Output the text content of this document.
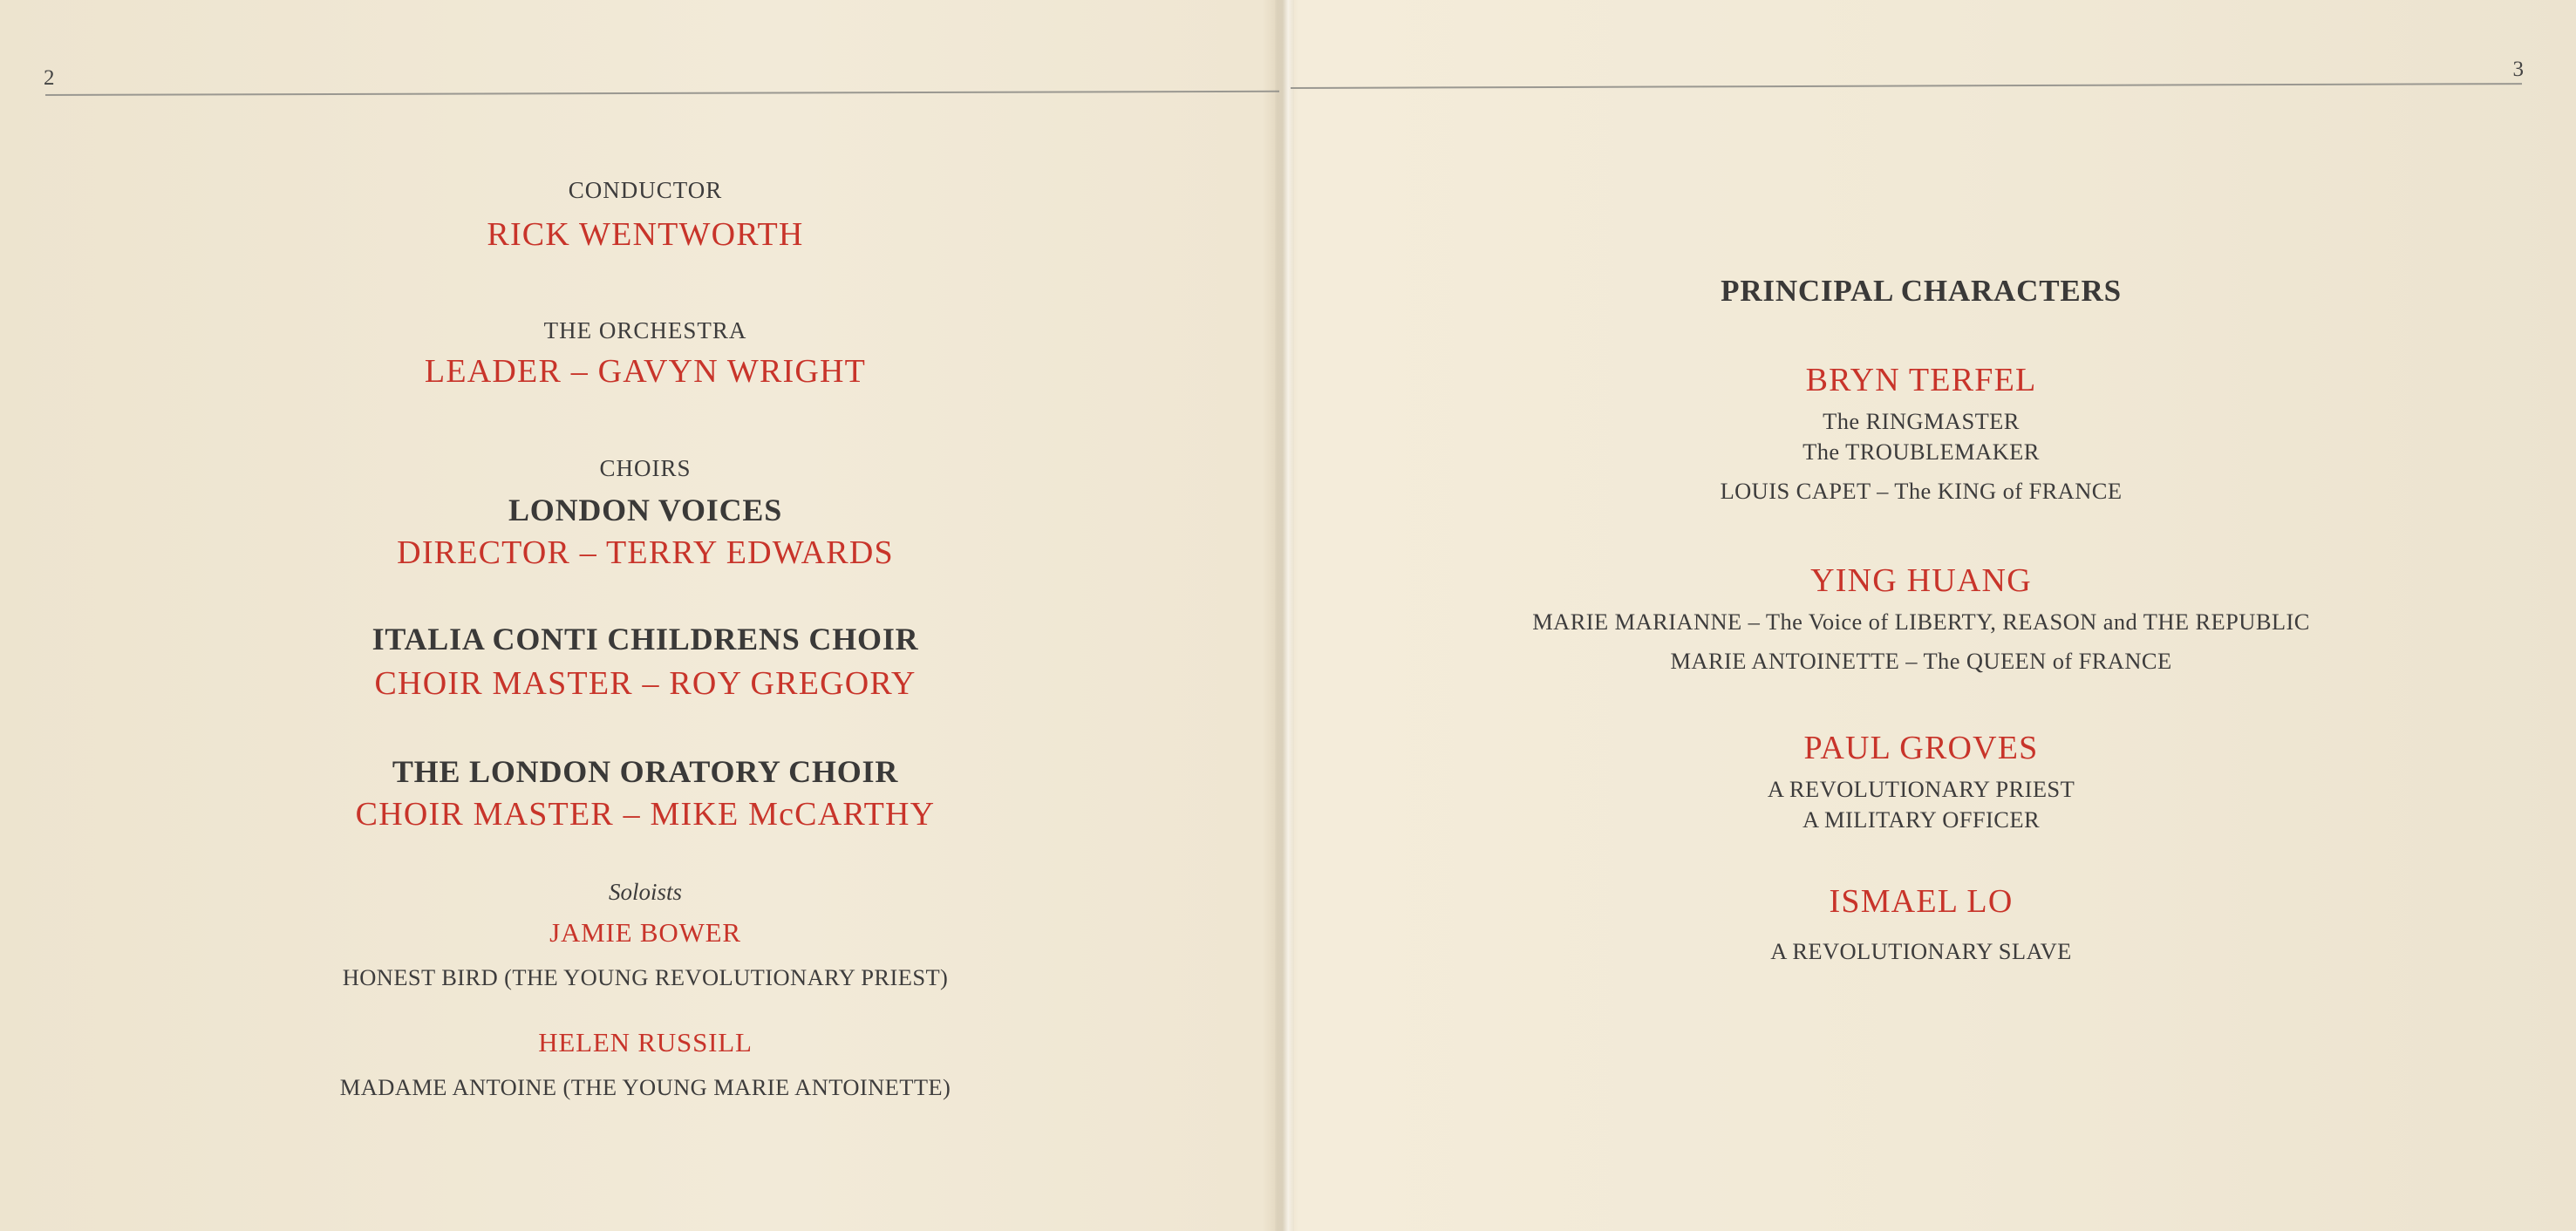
2
CONDUCTOR
RICK WENTWORTH
THE ORCHESTRA
LEADER – GAVYN WRIGHT
CHOIRS
LONDON VOICES
DIRECTOR – TERRY EDWARDS
ITALIA CONTI CHILDRENS CHOIR
CHOIR MASTER – ROY GREGORY
THE LONDON ORATORY CHOIR
CHOIR MASTER – MIKE McCARTHY
Soloists
JAMIE BOWER
HONEST BIRD (THE YOUNG REVOLUTIONARY PRIEST)
HELEN RUSSILL
MADAME ANTOINE (THE YOUNG MARIE ANTOINETTE)
3
PRINCIPAL CHARACTERS
BRYN TERFEL
The RINGMASTER
The TROUBLEMAKER
LOUIS CAPET – The KING of FRANCE
YING HUANG
MARIE MARIANNE – The Voice of LIBERTY, REASON and THE REPUBLIC
MARIE ANTOINETTE – The QUEEN of FRANCE
PAUL GROVES
A REVOLUTIONARY PRIEST
A MILITARY OFFICER
ISMAEL LO
A REVOLUTIONARY SLAVE
